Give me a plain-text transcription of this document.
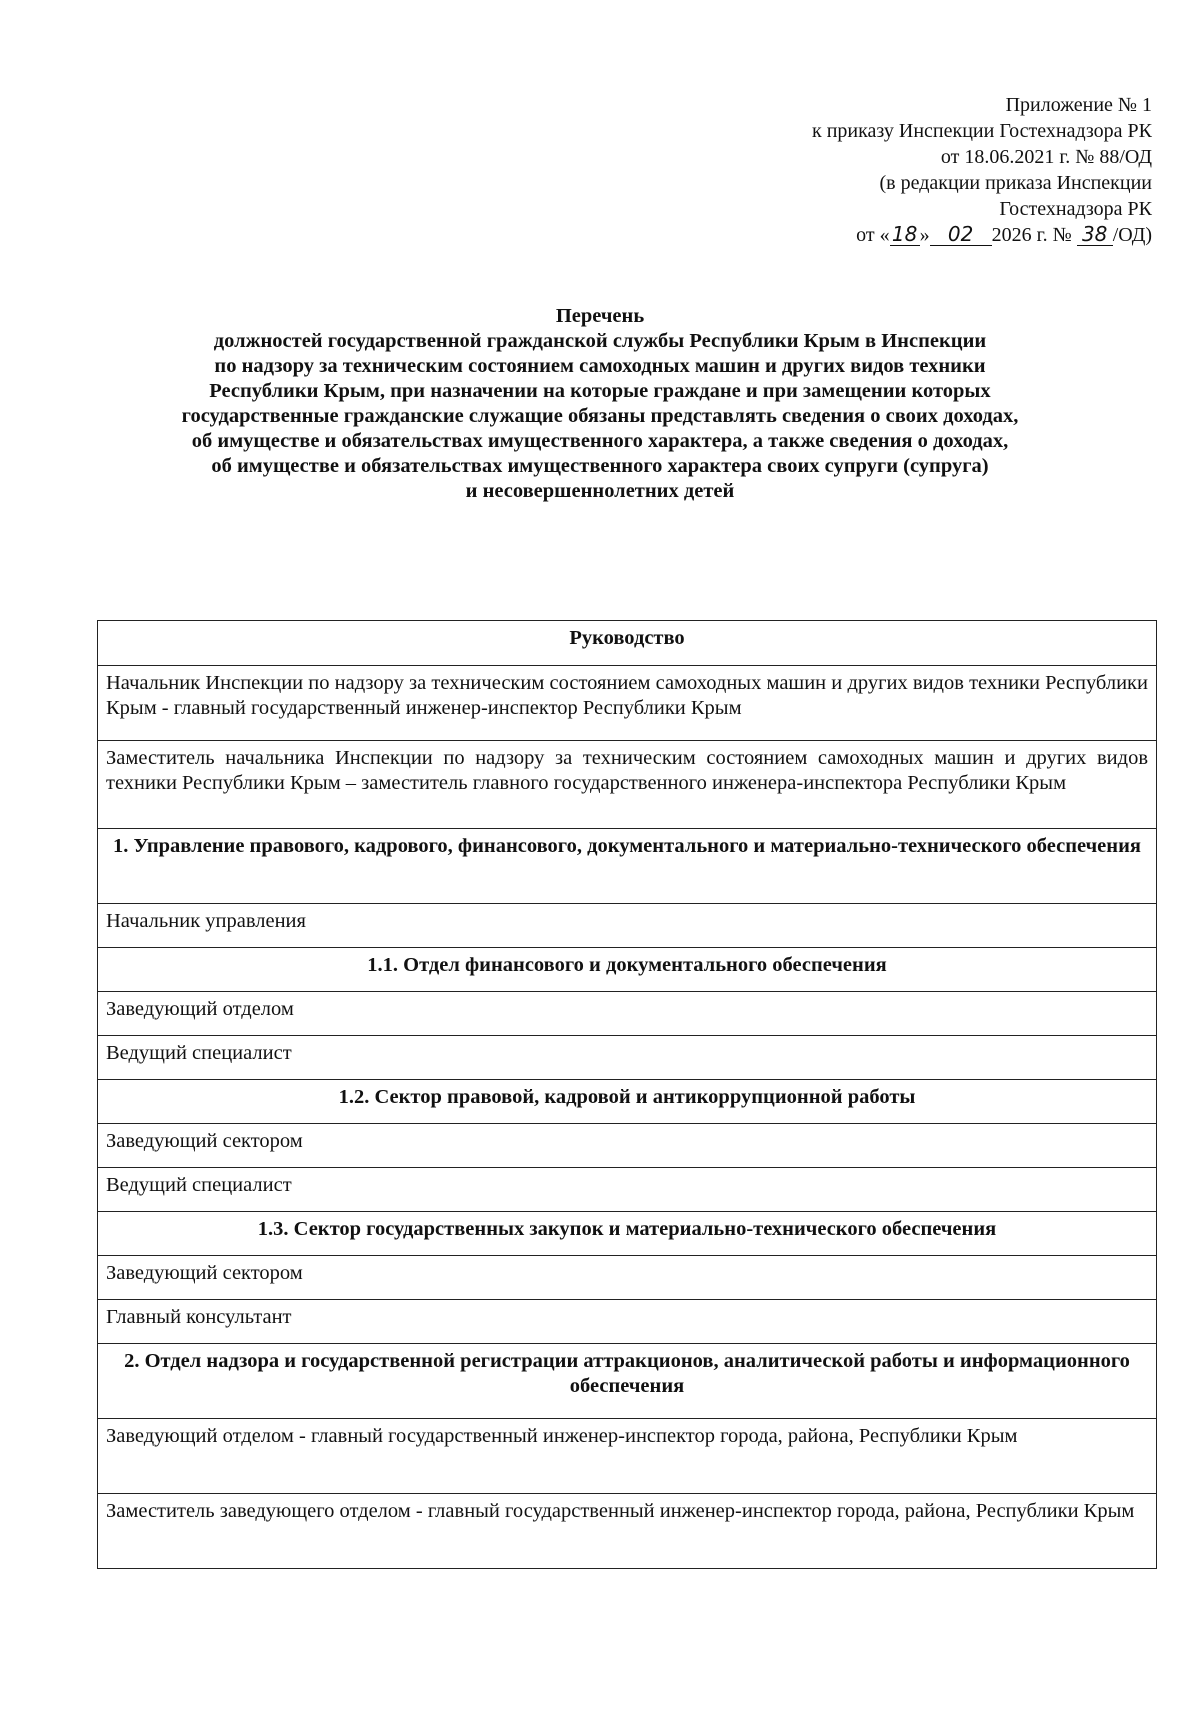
Приложение № 1
к приказу Инспекции Гостехнадзора РК
от 18.06.2021 г. № 88/ОД
(в редакции приказа Инспекции
Гостехнадзора РК
от « 18 » 02 2026 г. № 38 /ОД)
Перечень
должностей государственной гражданской службы Республики Крым в Инспекции
по надзору за техническим состоянием самоходных машин и других видов техники
Республики Крым, при назначении на которые граждане и при замещении которых
государственные гражданские служащие обязаны представлять сведения о своих доходах,
об имуществе и обязательствах имущественного характера, а также сведения о доходах,
об имуществе и обязательствах имущественного характера своих супруги (супруга)
и несовершеннолетних детей
Руководство
Начальник Инспекции по надзору за техническим состоянием самоходных машин и других видов техники Республики Крым - главный государственный инженер-инспектор Республики Крым
Заместитель начальника Инспекции по надзору за техническим состоянием самоходных машин и других видов техники Республики Крым – заместитель главного государственного инженера-инспектора Республики Крым
1. Управление правового, кадрового, финансового, документального и материально-технического обеспечения
Начальник управления
1.1. Отдел финансового и документального обеспечения
Заведующий отделом
Ведущий специалист
1.2. Сектор правовой, кадровой и антикоррупционной работы
Заведующий сектором
Ведущий специалист
1.3. Сектор государственных закупок и материально-технического обеспечения
Заведующий сектором
Главный консультант
2. Отдел надзора и государственной регистрации аттракционов, аналитической работы и информационного обеспечения
Заведующий отделом - главный государственный инженер-инспектор города, района, Республики Крым
Заместитель заведующего отделом - главный государственный инженер-инспектор города, района, Республики Крым
